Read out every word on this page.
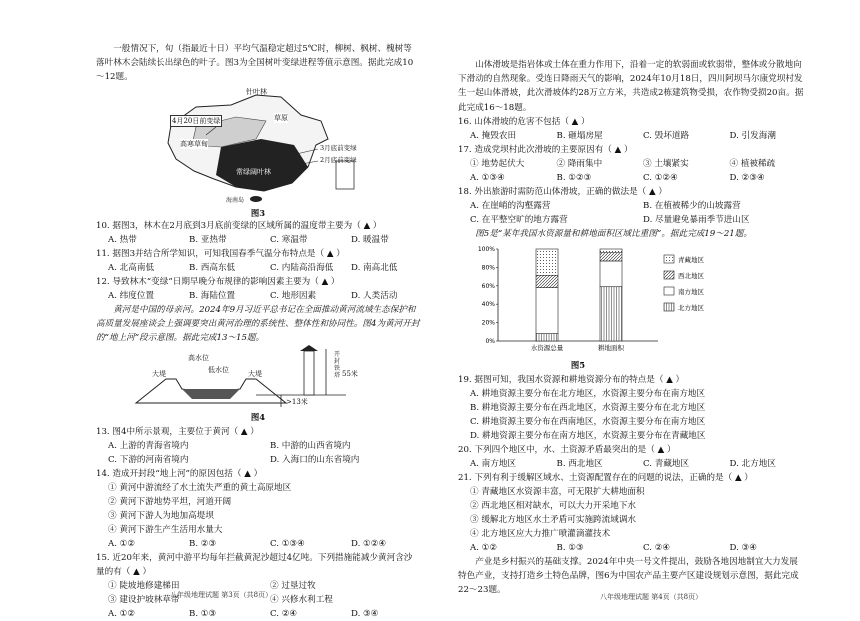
一般情况下，旬（指最近十日）平均气温稳定超过5℃时，柳树、枫树、槐树等落叶林木会陆续长出绿色的叶子。图3为全国树叶变绿进程等值示意图。据此完成10～12题。

针叶林
草原
4月20日前变绿
高寒草甸	3月底前变绿
2月底前变绿
海南岛
常绿阔叶林
图3
10. 据图3，林木在2月底到3月底前变绿的区域所属的温度带主要为（ ▲ ）
A. 热带	B. 亚热带	C. 寒温带	D. 暖温带
11. 据图3并结合所学知识，可知我国春季气温分布特点是（ ▲ ）
A. 北高南低	B. 西高东低	C. 内陆高沿海低	D. 南高北低
12. 导致林木“变绿”日期早晚分布规律的影响因素主要为（ ▲ ）
A. 纬度位置	B. 海陆位置	C. 地形因素	D. 人类活动

黄河是中国的母亲河。2024年9月习近平总书记在全面推动黄河流域生态保护和高质量发展座谈会上强调要突出黄河治理的系统性、整体性和协同性。图4为黄河开封的“地上河”段示意图。据此完成13～15题。

高水位
低水位
大堤	大堤
开封铁塔 55米
>13米
图4
13. 图4中所示景观，主要位于黄河（ ▲ ）
A. 上游的青海省境内	B. 中游的山西省境内
C. 下游的河南省境内	D. 入海口的山东省境内
14. 造成开封段“地上河”的原因包括（ ▲ ）
① 黄河中游流经了水土流失严重的黄土高原地区
② 黄河下游地势平坦，河道开阔
③ 黄河下游人为地加高堤坝
④ 黄河下游生产生活用水量大
A. ①②	B. ②③	C. ①③④	D. ①②④
15. 近20年来，黄河中游平均每年拦截黄泥沙超过4亿吨。下列措施能减少黄河含沙量的有（ ▲ ）
① 陡坡地修建梯田	② 过垦过牧
③ 建设护坡林草带	④ 兴修水利工程
A. ①②	B. ①③	C. ②④	D. ③④
八年级地理试题 第3页（共8页）

山体滑坡是指岩体或土体在重力作用下，沿着一定的软弱面或软弱带，整体或分散地向下滑动的自然现象。受连日降雨天气的影响，2024年10月18日，四川阿坝马尔康党坝村发生一起山体滑坡，此次滑坡体约28万立方米，共造成2栋建筑物受损，农作物受损20亩。据此完成16～18题。

16. 山体滑坡的危害不包括（ ▲ ）
A. 掩毁农田	B. 砸塌房屋	C. 毁坏道路	D. 引发海潮
17. 造成党坝村此次滑坡的主要原因有（ ▲ ）
① 地势起伏大	② 降雨集中	③ 土壤紧实	④ 植被稀疏
A. ①③④	B. ①②③	C. ①②④	D. ②③④
18. 外出旅游时需防范山体滑坡，正确的做法是（ ▲ ）
A. 在崖峭的沟壑露营	B. 在植被稀少的山坡露营
C. 在平整空旷的地方露营	D. 尽量避免暴雨季节进山区

图5是“某年我国水资源量和耕地面积区域比重图”。据此完成19～21题。

0%
20%
40%
60%
80%
100%
水资源总量	耕地面积
青藏地区
西北地区
南方地区
北方地区
图5
19. 据图可知，我国水资源和耕地资源分布的特点是（ ▲ ）
A. 耕地资源主要分布在北方地区，水资源主要分布在南方地区
B. 耕地资源主要分布在西北地区，水资源主要分布在北方地区
C. 耕地资源主要分布在西南地区，水资源主要分布在南方地区
D. 耕地资源主要分布在南方地区，水资源主要分布在青藏地区
20. 下列四个地区中，水、土资源矛盾最突出的是（ ▲ ）
A. 南方地区	B. 西北地区	C. 青藏地区	D. 北方地区
21. 下列有利于缓解区域水、土资源配置存在的问题的说法，正确的是（ ▲ ）
① 青藏地区水资源丰富，可无限扩大耕地面积
② 西北地区相对缺水，可以大力开采地下水
③ 缓解北方地区水土矛盾可实施跨流域调水
④ 北方地区应大力推广喷灌滴灌技术
A. ①②	B. ①③	C. ②④	D. ③④

产业是乡村振兴的基础支撑。2024年中央一号文件提出，鼓励各地因地制宜大力发展特色产业，支持打造乡土特色品牌，图6为中国农产品主要产区建设规划示意图，据此完成22～23题。

八年级地理试题 第4页（共8页）
